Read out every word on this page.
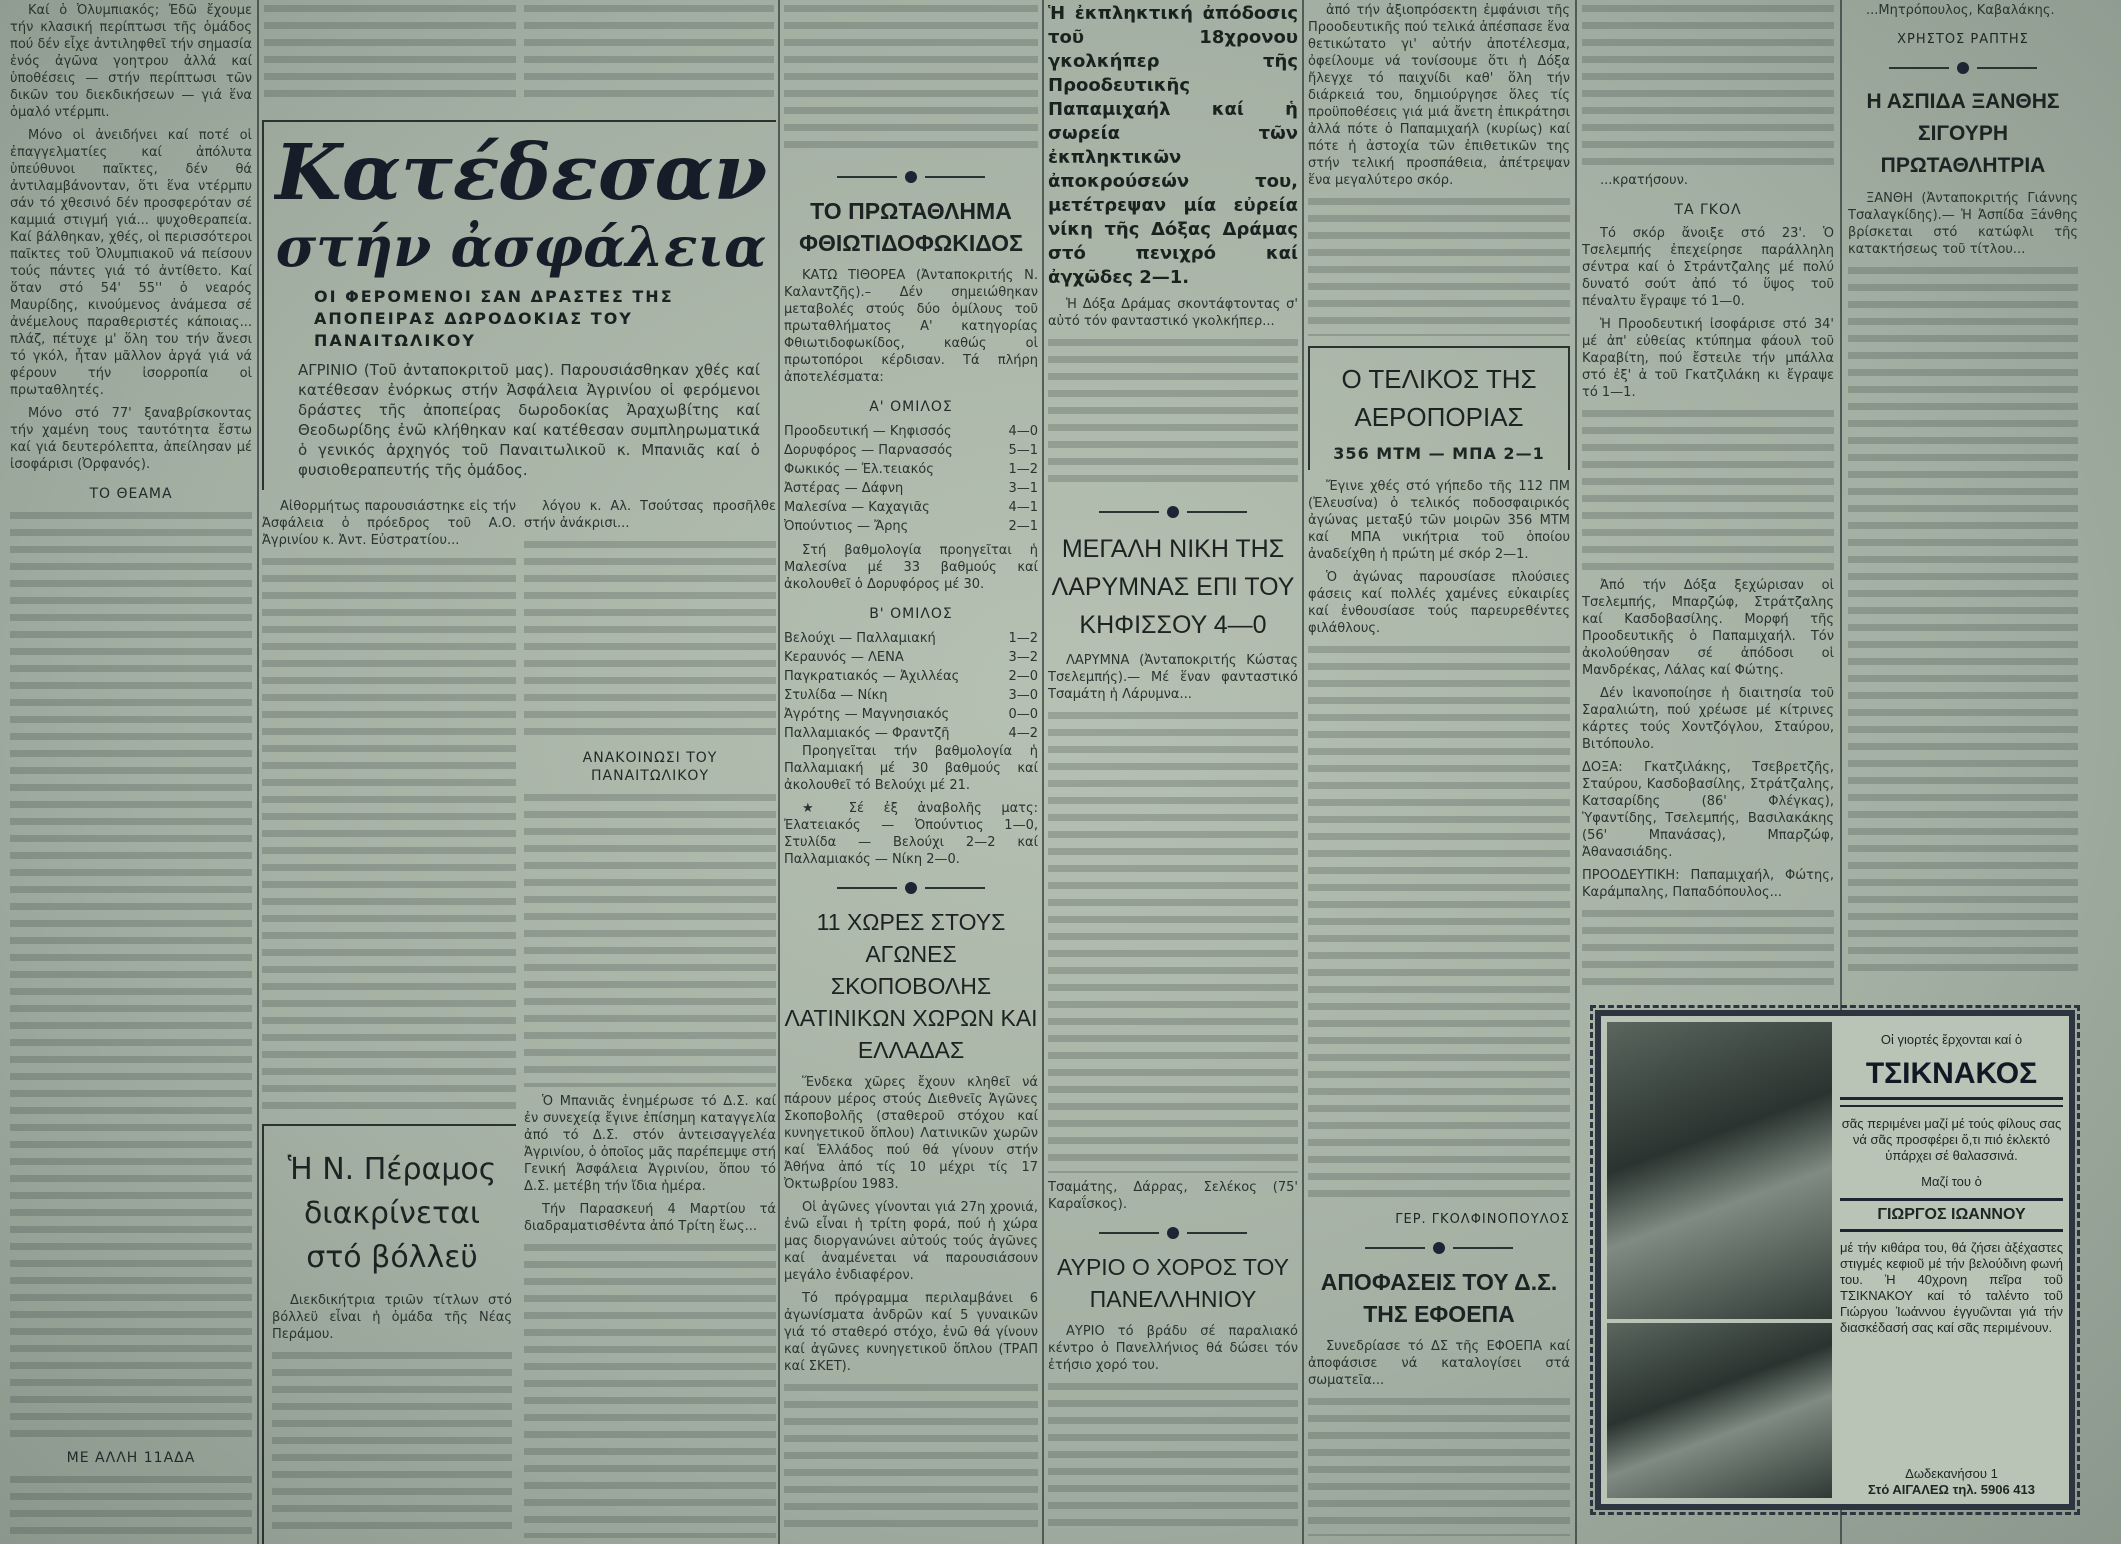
Καί ὁ Ὀλυμπιακός; Ἐδῶ ἔχουμε τήν κλασική περίπτωσι τῆς ὁμάδος πού δέν εἶχε ἀντιληφθεῖ τήν σημασία ἑνός ἀγῶνα γοητρου ἀλλά καί ὑποθέσεις — στήν περίπτωσι τῶν δικῶν του διεκδικήσεων — γιά ἕνα ὁμαλό ντέρμπι.

Μόνο οἱ ἀνειδήνει καί ποτέ οἱ ἐπαγγελματίες καί ἀπόλυτα ὑπεύθυνοι παῖκτες, δέν θά ἀντιλαμβάνονταν, ὅτι ἕνα ντέρμπυ σάν τό χθεσινό δέν προσφερόταν σέ καμμιά στιγμή γιά... ψυχοθεραπεία. Καί βάλθηκαν, χθές, οἱ περισσότεροι παῖκτες τοῦ Ὀλυμπιακοῦ νά πείσουν τούς πάντες γιά τό ἀντίθετο. Καί ὅταν στό 54' 55'' ὁ νεαρός Μαυρίδης, κινούμενος ἀνάμεσα σέ ἀνέμελους παραθεριστές κάποιας... πλάζ, πέτυχε μ' ὅλη του τήν ἄνεσι τό γκόλ, ἦταν μᾶλλον ἀργά γιά νά φέρουν τήν ἰσορροπία οἱ πρωταθλητές.

Μόνο στό 77' ξαναβρίσκοντας τήν χαμένη τους ταυτότητα ἔστω καί γιά δευτερόλεπτα, ἀπείλησαν μέ ἰσοφάρισι (Ὀρφανός).

ΤΟ ΘΕΑΜΑ
ΜΕ ΑΛΛΗ 11ΑΔΑ
Κατέδεσαν
στήν ἀσφάλεια
ΟΙ ΦΕΡΟΜΕΝΟΙ ΣΑΝ ΔΡΑΣΤΕΣ ΤΗΣ ΑΠΟΠΕΙΡΑΣ ΔΩΡΟΔΟΚΙΑΣ ΤΟΥ ΠΑΝΑΙΤΩΛΙΚΟΥ

ΑΓΡΙΝΙΟ (Τοῦ ἀνταποκριτοῦ μας). Παρουσιάσθηκαν χθές καί κατέθεσαν ἐνόρκως στήν Ἀσφάλεια Ἀγρινίου οἱ φερόμενοι δράστες τῆς ἀποπείρας δωροδοκίας Ἀραχωβίτης καί Θεοδωρίδης ἐνῶ κλήθηκαν καί κατέθεσαν συμπληρωματικά ὁ γενικός ἀρχηγός τοῦ Παναιτωλικοῦ κ. Μπανιᾶς καί ὁ φυσιοθεραπευτής τῆς ὁμάδος.

Αἰθορμήτως παρουσιάστηκε εἰς τήν Ἀσφάλεια ὁ πρόεδρος τοῦ Α.Ο. Ἀγρινίου κ. Ἀντ. Εὐστρατίου...

Ἡ Ν. Πέραμος διακρίνεται στό βόλλεϋ

Διεκδικήτρια τριῶν τίτλων στό βόλλεϋ εἶναι ἡ ὁμάδα τῆς Νέας Περάμου.

λόγου κ. Αλ. Τσούτσας προσῆλθε στήν ἀνάκρισι...

ΑΝΑΚΟΙΝΩΣΙ ΤΟΥ ΠΑΝΑΙΤΩΛΙΚΟΥ

Ὁ Μπανιᾶς ἐνημέρωσε τό Δ.Σ. καί ἐν συνεχείᾳ ἔγινε ἐπίσημη καταγγελία ἀπό τό Δ.Σ. στόν ἀντεισαγγελέα Ἀγρινίου, ὁ ὁποῖος μᾶς παρέπεμψε στή Γενική Ἀσφάλεια Ἀγρινίου, ὅπου τό Δ.Σ. μετέβη τήν ἴδια ἡμέρα.

Τήν Παρασκευή 4 Μαρτίου τά διαδραματισθέντα ἀπό Τρίτη ἕως...

ΤΟ ΠΡΩΤΑΘΛΗΜΑ ΦΘΙΩΤΙΔΟΦΩΚΙΔΟΣ

ΚΑΤΩ ΤΙΘΟΡΕΑ (Ἀνταποκριτής Ν. Καλαντζῆς).– Δέν σημειώθηκαν μεταβολές στούς δύο ὁμίλους τοῦ πρωταθλήματος Α' κατηγορίας Φθιωτιδοφωκίδος, καθώς οἱ πρωτοπόροι κέρδισαν. Τά πλήρη ἀποτελέσματα:

Α' ΟΜΙΛΟΣ
Προοδευτική — Κηφισσός	4—0
Δορυφόρος — Παρνασσός	5—1
Φωκικός — Ἐλ.τειακός	1—2
Ἀστέρας — Δάφνη	3—1
Μαλεσίνα — Καχαγιᾶς	4—1
Ὀπούντιος — Ἄρης	2—1

Στή βαθμολογία προηγεῖται ἡ Μαλεσίνα μέ 33 βαθμούς καί ἀκολουθεῖ ὁ Δορυφόρος μέ 30.

Β' ΟΜΙΛΟΣ
Βελούχι — Παλλαμιακή	1—2
Κεραυνός — ΛΕΝΑ	3—2
Παγκρατιακός — Ἀχιλλέας	2—0
Στυλίδα — Νίκη	3—0
Ἀγρότης — Μαγνησιακός	0—0
Παλλαμιακός — Φραντζῆ	4—2

Προηγεῖται τήν βαθμολογία ἡ Παλλαμιακή μέ 30 βαθμούς καί ἀκολουθεῖ τό Βελούχι μέ 21.

★ Σέ ἐξ ἀναβολῆς ματς: Ἐλατειακός — Ὀπούντιος 1—0, Στυλίδα — Βελούχι 2—2 καί Παλλαμιακός — Νίκη 2—0.

11 ΧΩΡΕΣ ΣΤΟΥΣ ΑΓΩΝΕΣ ΣΚΟΠΟΒΟΛΗΣ ΛΑΤΙΝΙΚΩΝ ΧΩΡΩΝ ΚΑΙ ΕΛΛΑΔΑΣ

Ἕνδεκα χῶρες ἔχουν κληθεῖ νά πάρουν μέρος στούς Διεθνεῖς Ἀγῶνες Σκοποβολῆς (σταθεροῦ στόχου καί κυνηγετικοῦ ὅπλου) Λατινικῶν χωρῶν καί Ἑλλάδος πού θά γίνουν στήν Ἀθήνα ἀπό τίς 10 μέχρι τίς 17 Ὀκτωβρίου 1983.

Οἱ ἀγῶνες γίνονται γιά 27η χρονιά, ἐνῶ εἶναι ἡ τρίτη φορά, πού ἡ χώρα μας διοργανώνει αὐτούς τούς ἀγῶνες καί ἀναμένεται νά παρουσιάσουν μεγάλο ἐνδιαφέρον.

Τό πρόγραμμα περιλαμβάνει 6 ἀγωνίσματα ἀνδρῶν καί 5 γυναικῶν γιά τό σταθερό στόχο, ἐνῶ θά γίνουν καί ἀγῶνες κυνηγετικοῦ ὅπλου (ΤΡΑΠ καί ΣΚΕΤ).

Ἡ ἐκπληκτική ἀπόδοσις τοῦ 18χρονου γκολκήπερ τῆς Προοδευτικῆς Παπαμιχαήλ καί ἡ σωρεία τῶν ἐκπληκτικῶν ἀποκρούσεών του, μετέτρεψαν μία εὐρεία νίκη τῆς Δόξας Δράμας στό πενιχρό καί ἀγχῶδες 2—1.

Ἡ Δόξα Δράμας σκοντάφτοντας σ' αὐτό τόν φανταστικό γκολκήπερ...

ΜΕΓΑΛΗ ΝΙΚΗ ΤΗΣ ΛΑΡΥΜΝΑΣ ΕΠΙ ΤΟΥ ΚΗΦΙΣΣΟΥ 4—0

ΛΑΡΥΜΝΑ (Ἀνταποκριτής Κώστας Τσελεμπής).— Μέ ἕναν φανταστικό Τσαμάτη ἡ Λάρυμνα...

Τσαμάτης, Δάρρας, Σελέκος (75' Καραΐσκος).

ΑΥΡΙΟ Ο ΧΟΡΟΣ ΤΟΥ ΠΑΝΕΛΛΗΝΙΟΥ

ΑΥΡΙΟ τό βράδυ σέ παραλιακό κέντρο ὁ Πανελλήνιος θά δώσει τόν ἐτήσιο χορό του.

ἀπό τήν ἀξιοπρόσεκτη ἐμφάνισι τῆς Προοδευτικῆς πού τελικά ἀπέσπασε ἕνα θετικώτατο γι' αὐτήν ἀποτέλεσμα, ὀφείλουμε νά τονίσουμε ὅτι ἡ Δόξα ἤλεγχε τό παιχνίδι καθ' ὅλη τήν διάρκειά του, δημιούργησε ὅλες τίς προϋποθέσεις γιά μιά ἄνετη ἐπικράτησι ἀλλά πότε ὁ Παπαμιχαήλ (κυρίως) καί πότε ἡ ἀστοχία τῶν ἐπιθετικῶν της στήν τελική προσπάθεια, ἀπέτρεψαν ἕνα μεγαλύτερο σκόρ.

Ο ΤΕΛΙΚΟΣ ΤΗΣ ΑΕΡΟΠΟΡΙΑΣ
356 ΜΤΜ — ΜΠΑ 2—1

Ἔγινε χθές στό γήπεδο τῆς 112 ΠΜ (Ἐλευσίνα) ὁ τελικός ποδοσφαιρικός ἀγώνας μεταξύ τῶν μοιρῶν 356 ΜΤΜ καί ΜΠΑ νικήτρια τοῦ ὁποίου ἀναδείχθη ἡ πρώτη μέ σκόρ 2—1.

Ὁ ἀγώνας παρουσίασε πλούσιες φάσεις καί πολλές χαμένες εὐκαιρίες καί ἐνθουσίασε τούς παρευρεθέντες φιλάθλους.

ΓΕΡ. ΓΚΟΛΦΙΝΟΠΟΥΛΟΣ
ΑΠΟΦΑΣΕΙΣ ΤΟΥ Δ.Σ. ΤΗΣ ΕΦΟΕΠΑ

Συνεδρίασε τό ΔΣ τῆς ΕΦΟΕΠΑ καί ἀποφάσισε νά καταλογίσει στά σωματεῖα...

...κρατήσουν.

ΤΑ ΓΚΟΛ

Τό σκόρ ἄνοιξε στό 23'. Ὁ Τσελεμπής ἐπεχείρησε παράλληλη σέντρα καί ὁ Στράντζαλης μέ πολύ δυνατό σούτ ἀπό τό ὕψος τοῦ πέναλτυ ἔγραψε τό 1—0.

Ἡ Προοδευτική ἰσοφάρισε στό 34' μέ ἀπ' εὐθείας κτύπημα φάουλ τοῦ Καραβίτη, πού ἔστειλε τήν μπάλλα στό ἐξ' ἀ τοῦ Γκατζιλάκη κι ἔγραψε τό 1—1.

Ἀπό τήν Δόξα ξεχώρισαν οἱ Τσελεμπής, Μπαρζώφ, Στράτζαλης καί Κασδοβασίλης. Μορφή τῆς Προοδευτικῆς ὁ Παπαμιχαήλ. Τόν ἀκολούθησαν σέ ἀπόδοσι οἱ Μανδρέκας, Λάλας καί Φώτης.

Δέν ἱκανοποίησε ἡ διαιτησία τοῦ Σαραλιώτη, πού χρέωσε μέ κίτρινες κάρτες τούς Χοντζόγλου, Σταύρου, Βιτόπουλο.

ΔΟΞΑ: Γκατζιλάκης, Τσεβρετζῆς, Σταύρου, Κασδοβασίλης, Στράτζαλης, Κατσαρίδης (86' Φλέγκας), Ὑφαντίδης, Τσελεμπής, Βασιλακάκης (56' Μπανάσας), Μπαρζώφ, Ἀθανασιάδης.

ΠΡΟΟΔΕΥΤΙΚΗ: Παπαμιχαήλ, Φώτης, Καράμπαλης, Παπαδόπουλος...

...Μητρόπουλος, Καβαλάκης.

ΧΡΗΣΤΟΣ ΡΑΠΤΗΣ
Η ΑΣΠΙΔΑ ΞΑΝΘΗΣ ΣΙΓΟΥΡΗ ΠΡΩΤΑΘΛΗΤΡΙΑ

ΞΑΝΘΗ (Ἀνταποκριτής Γιάννης Τσαλαγκίδης).— Ἡ Ἀσπίδα Ξάνθης βρίσκεται στό κατώφλι τῆς κατακτήσεως τοῦ τίτλου...

Οἱ γιορτές ἔρχονται καί ὁ
ΤΣΙΚΝΑΚΟΣ
σᾶς περιμένει μαζί μέ τούς φίλους σας νά σᾶς προσφέρει ὅ,τι πιό ἐκλεκτό ὑπάρχει σέ θαλασσινά.
Μαζί του ὁ
ΓΙΩΡΓΟΣ ΙΩΑΝΝΟΥ
μέ τήν κιθάρα του, θά ζήσει ἀξέχαστες στιγμές κεφιοῦ μέ τήν βελούδινη φωνή του. Ἡ 40χρονη πεῖρα τοῦ ΤΣΙΚΝΑΚΟΥ καί τό ταλέντο τοῦ Γιώργου Ἰωάννου ἐγγυῶνται γιά τήν διασκέδασή σας καί σᾶς περιμένουν.
Δωδεκανήσου 1
Στό ΑΙΓΑΛΕΩ τηλ. 5906 413
